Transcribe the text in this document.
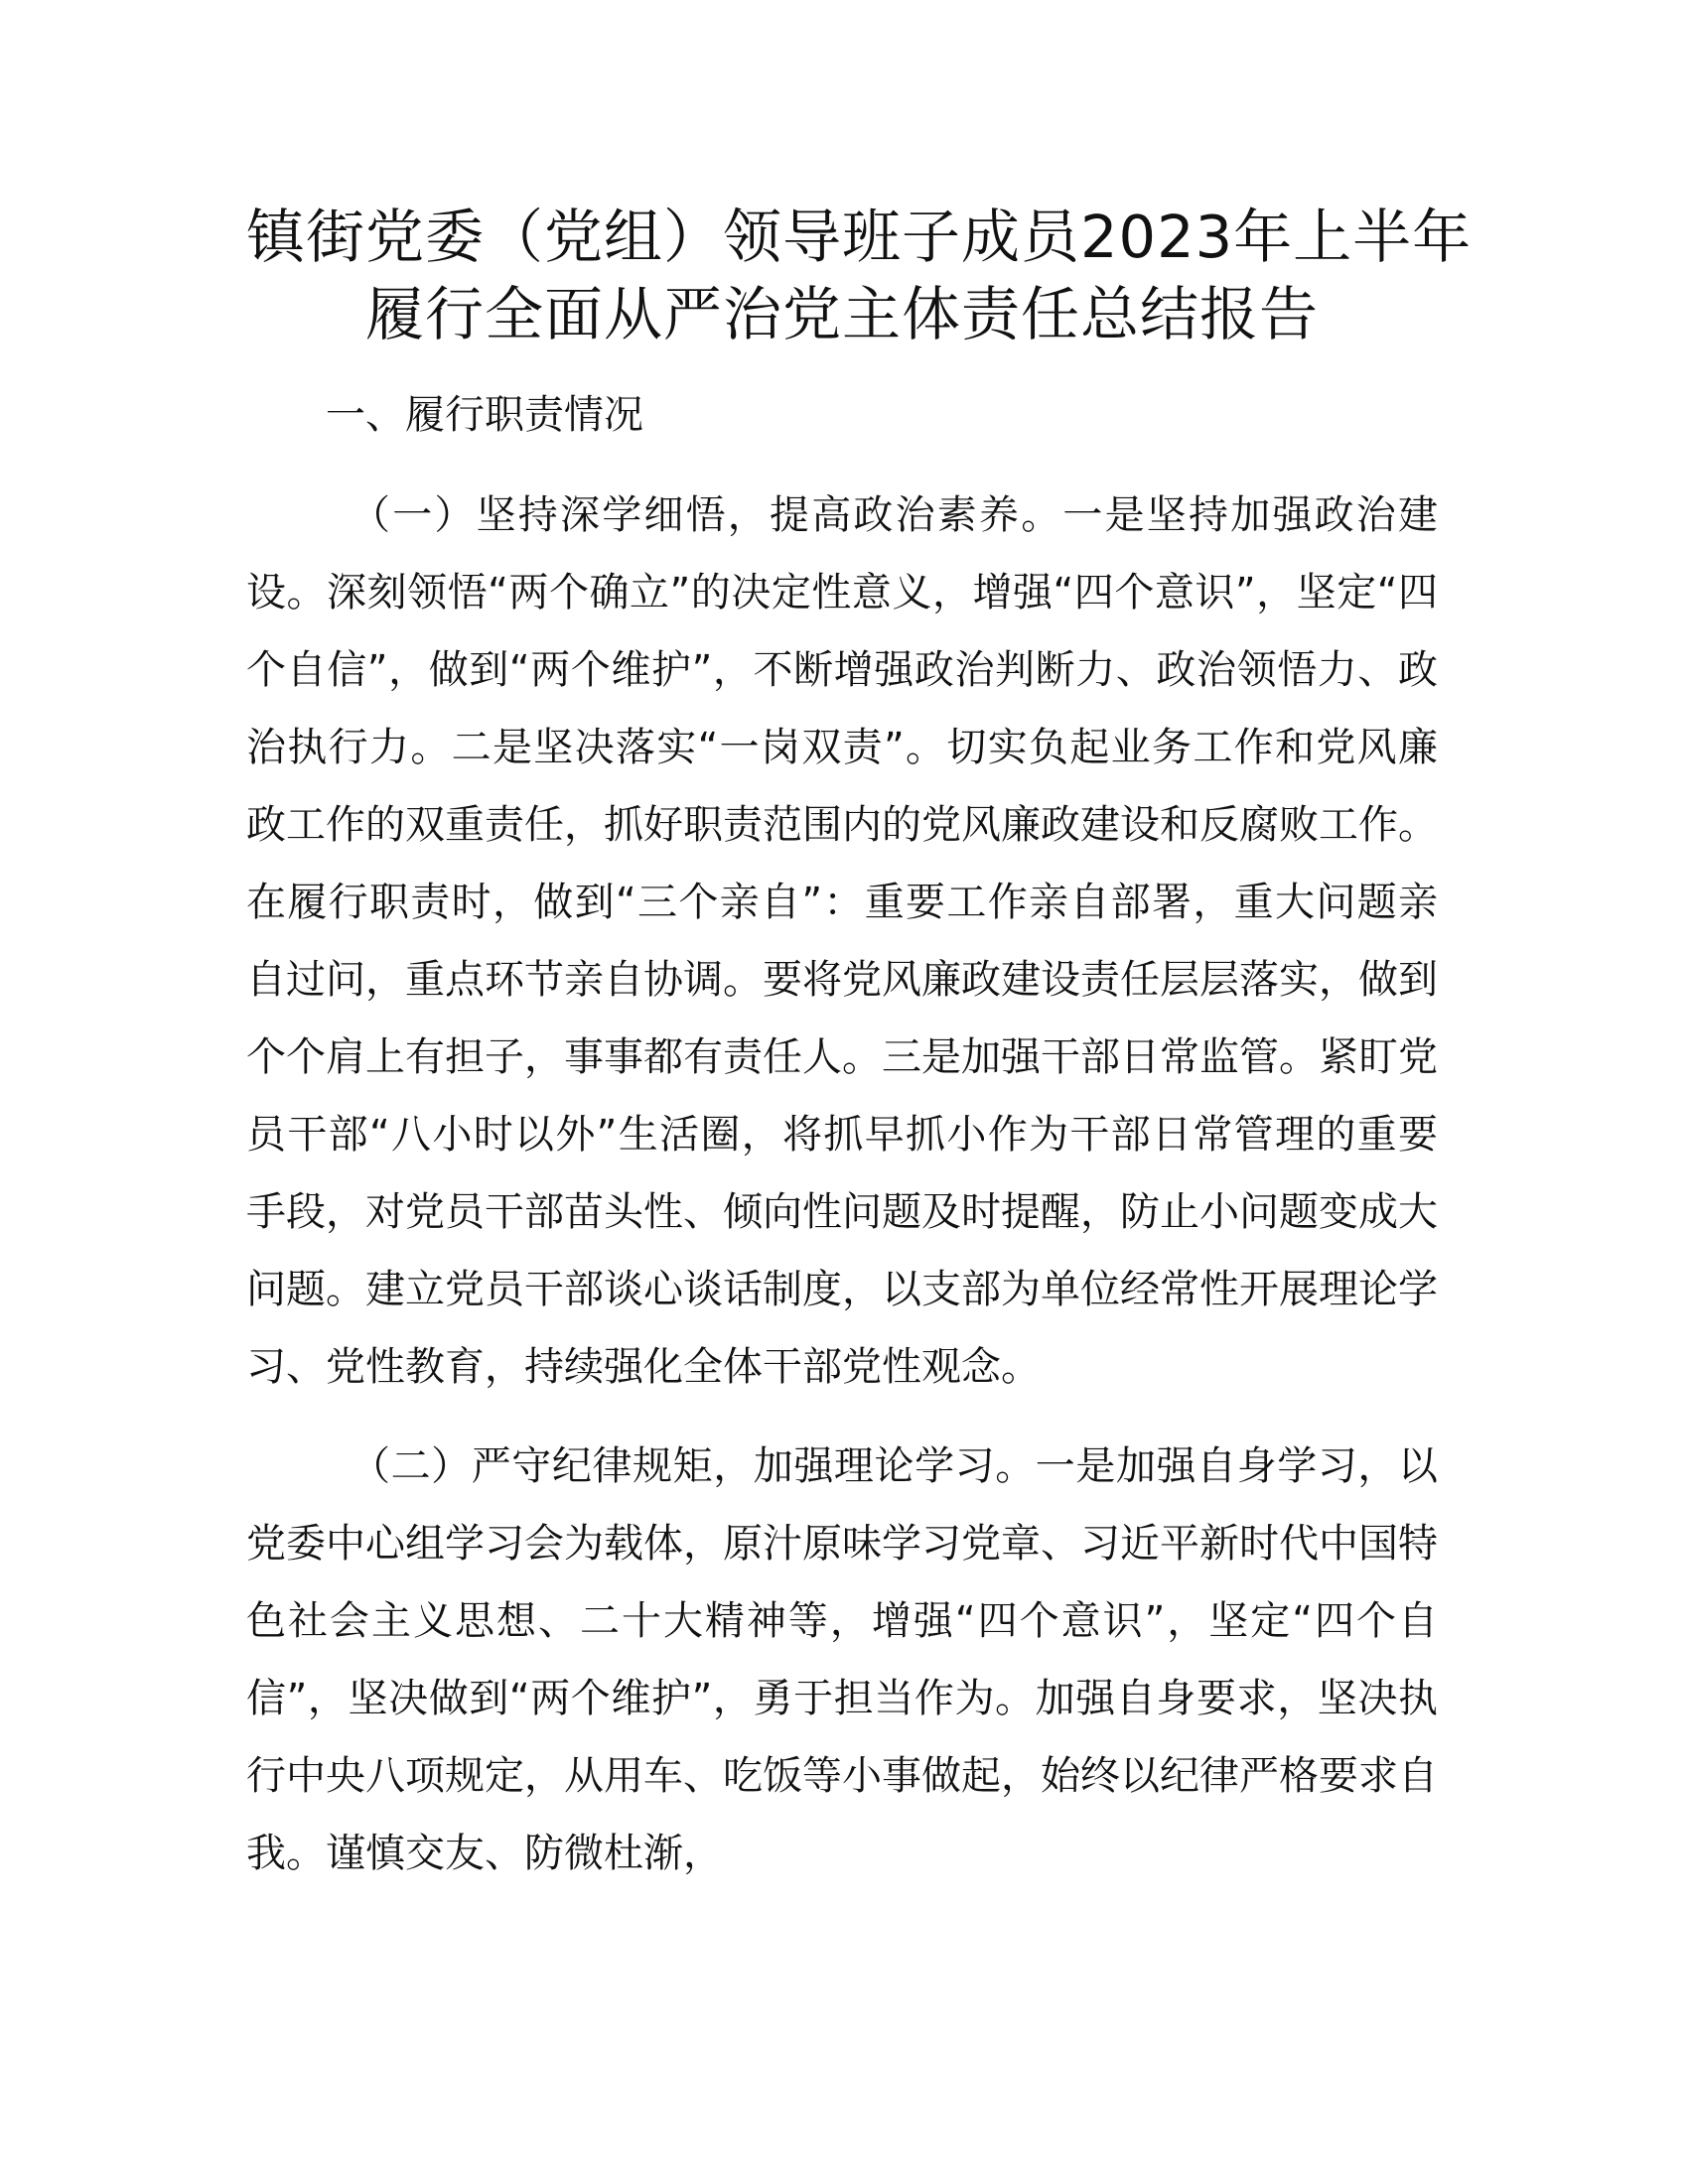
镇街党委（党组）领导班子成员2023年上半年
履行全面从严治党主体责任总结报告
一、履行职责情况

（一）坚持深学细悟，提高政治素养。一是坚持加强政治建设。深刻领悟“两个确立”的决定性意义，增强“四个意识”，坚定“四个自信”，做到“两个维护”，不断增强政治判断力、政治领悟力、政治执行力。二是坚决落实“一岗双责”。切实负起业务工作和党风廉政工作的双重责任，抓好职责范围内的党风廉政建设和反腐败工作。在履行职责时，做到“三个亲自”：重要工作亲自部署，重大问题亲自过问，重点环节亲自协调。要将党风廉政建设责任层层落实，做到个个肩上有担子，事事都有责任人。三是加强干部日常监管。紧盯党员干部“八小时以外”生活圈，将抓早抓小作为干部日常管理的重要手段，对党员干部苗头性、倾向性问题及时提醒，防止小问题变成大问题。建立党员干部谈心谈话制度，以支部为单位经常性开展理论学习、党性教育，持续强化全体干部党性观念。

（二）严守纪律规矩，加强理论学习。一是加强自身学习，以党委中心组学习会为载体，原汁原味学习党章、习近平新时代中国特色社会主义思想、二十大精神等，增强“四个意识”，坚定“四个自信”，坚决做到“两个维护”，勇于担当作为。加强自身要求，坚决执行中央八项规定，从用车、吃饭等小事做起，始终以纪律严格要求自我。谨慎交友、防微杜渐，
